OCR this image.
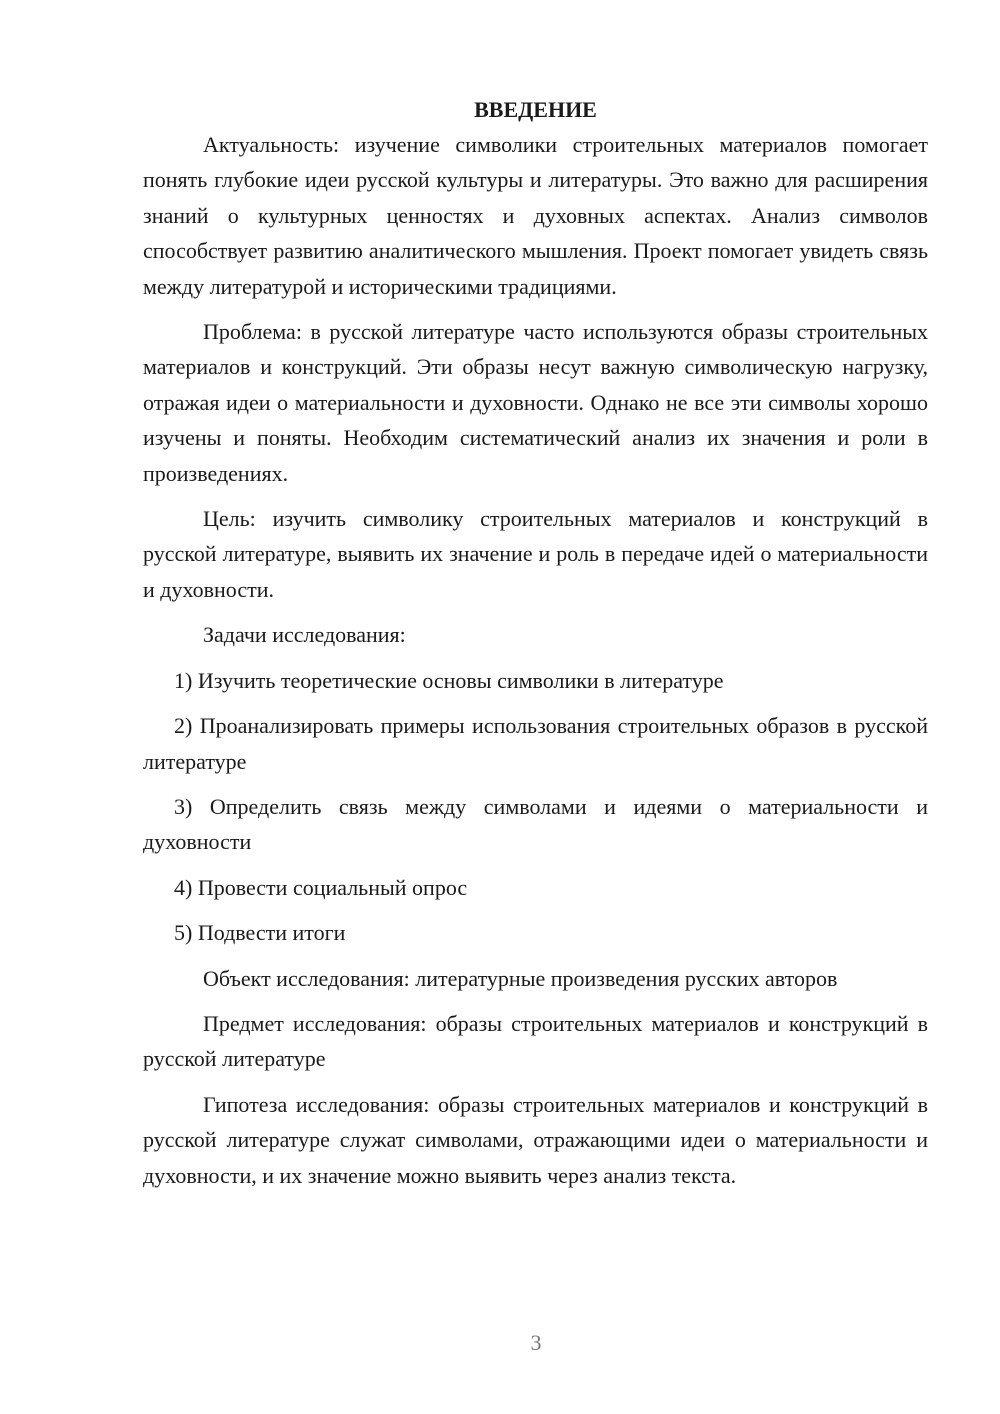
ВВЕДЕНИЕ

Актуальность: изучение символики строительных материалов помогает понять глубокие идеи русской культуры и литературы. Это важно для расширения знаний о культурных ценностях и духовных аспектах. Анализ символов способствует развитию аналитического мышления. Проект помогает увидеть связь между литературой и историческими традициями.

Проблема: в русской литературе часто используются образы строительных материалов и конструкций. Эти образы несут важную символическую нагрузку, отражая идеи о материальности и духовности. Однако не все эти символы хорошо изучены и поняты. Необходим систематический анализ их значения и роли в произведениях.

Цель: изучить символику строительных материалов и конструкций в русской литературе, выявить их значение и роль в передаче идей о материальности и духовности.

Задачи исследования:

1) Изучить теоретические основы символики в литературе

2) Проанализировать примеры использования строительных образов в русской литературе

3) Определить связь между символами и идеями о материальности и духовности

4) Провести социальный опрос

5) Подвести итоги

Объект исследования: литературные произведения русских авторов

Предмет исследования: образы строительных материалов и конструкций в русской литературе

Гипотеза исследования: образы строительных материалов и конструкций в русской литературе служат символами, отражающими идеи о материальности и духовности, и их значение можно выявить через анализ текста.

3
